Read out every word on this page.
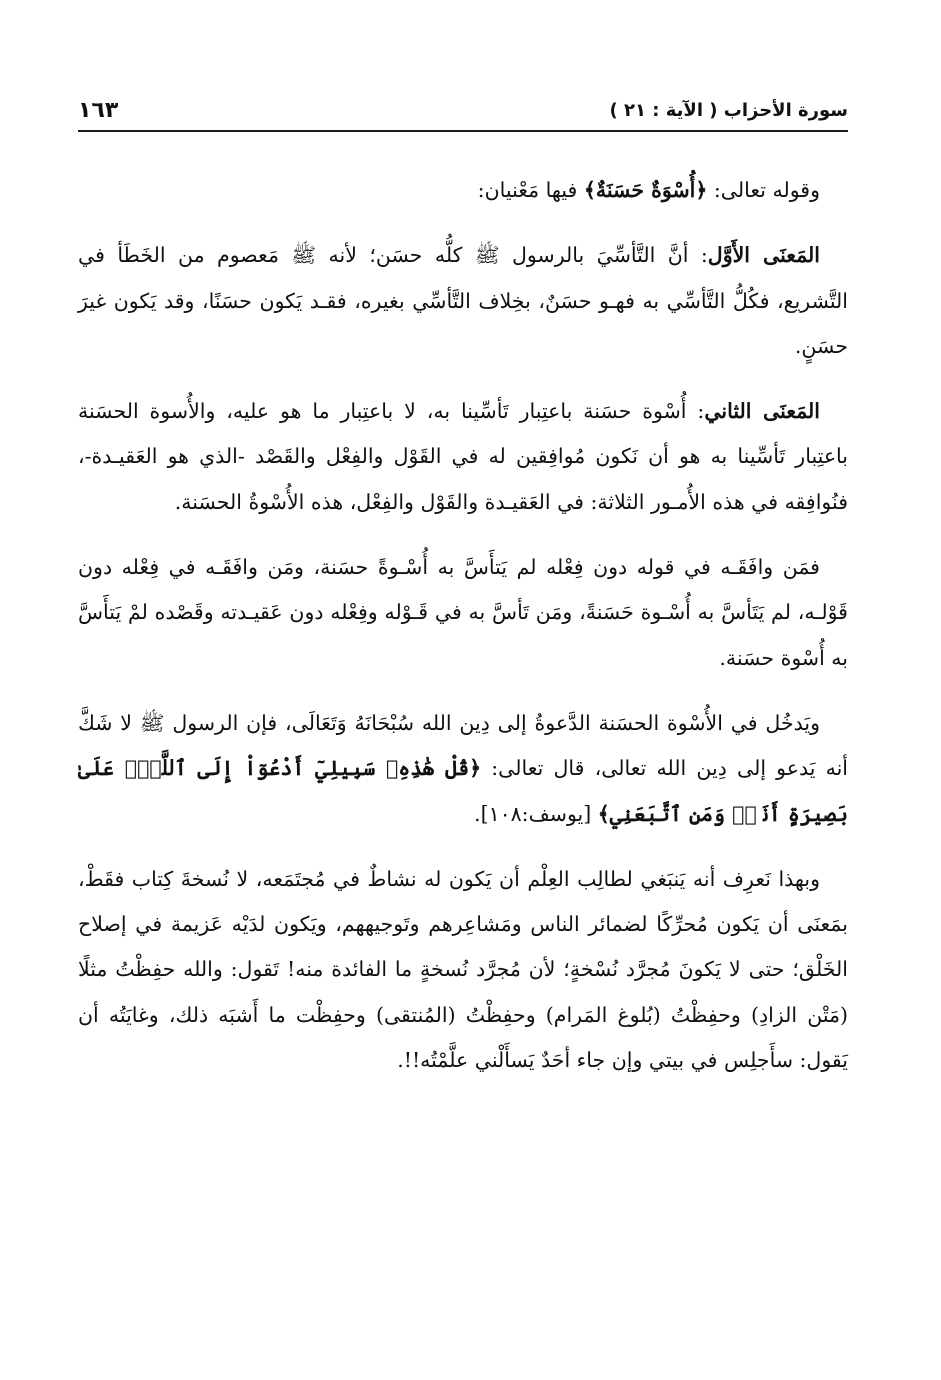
١٦٣	سورة الأحزاب ( الآية : ٢١ )

وقوله تعالى: ﴿أُسْوَةٌ حَسَنَةٌ﴾ فيها مَعْنيان:

المَعنَى الأَوَّل: أنَّ التَّأسِّيَ بالرسول ﷺ كلُّه حسَن؛ لأنه ﷺ مَعصوم من الخَطَأ في التَّشريع، فكُلُّ التَّأسِّي به فهـو حسَنٌ، بخِلاف التَّأسِّي بغيره، فقـد يَكون حسَنًا، وقد يَكون غيرَ حسَنٍ.

المَعنَى الثاني: أُسْوة حسَنة باعتِبار تَأسِّينا به، لا باعتِبار ما هو عليه، والأُسوة الحسَنة باعتِبار تَأسِّينا به هو أن نَكون مُوافِقين له في القَوْل والفِعْل والقَصْد -الذي هو العَقيـدة-، فنُوافِقه في هذه الأُمـور الثلاثة: في العَقيـدة والقَوْل والفِعْل، هذه الأُسْوةُ الحسَنة.

فمَن وافَقَـه في قوله دون فِعْله لم يَتأَسَّ به أُسْـوةً حسَنة، ومَن وافَقَـه في فِعْله دون قَوْلـه، لم يَتَأسَّ به أُسْـوة حَسَنةً، ومَن تَأسَّ به في قَـوْله وفِعْله دون عَقيـدته وقَصْده لمْ يَتأَسَّ به أُسْوة حسَنة.

ويَدخُل في الأُسْوة الحسَنة الدَّعوةُ إلى دِين الله سُبْحَانَهُ وَتَعَالَى، فإن الرسول ﷺ لا شَكَّ أنه يَدعو إلى دِين الله تعالى، قال تعالى: ﴿قُلْ هَٰذِهِۦ سَبِيلِيٓ أَدْعُوٓاْ إِلَى ٱللَّهِۚ عَلَىٰ بَصِيرَةٍ أَنَا۠ وَمَنِ ٱتَّبَعَنِي﴾ [يوسف:١٠٨].

وبهذا نَعرِف أنه يَنبَغي لطالِب العِلْم أن يَكون له نشاطٌ في مُجتَمَعه، لا نُسخةَ كِتاب فقَطْ، بمَعنَى أن يَكون مُحرِّكًا لضمائر الناس ومَشاعِرهم وتَوجيههم، ويَكون لدَيْه عَزيمة في إصلاح الخَلْق؛ حتى لا يَكونَ مُجرَّد نُسْخةٍ؛ لأن مُجرَّد نُسخةٍ ما الفائدة منه! تَقول: والله حفِظْتُ مثلًا (مَتْن الزادِ) وحفِظْتُ (بُلوغ المَرام) وحفِظْتُ (المُنتقى) وحفِظْت ما أَشبَه ذلك، وغايَتُه أن يَقول: سأَجلِس في بيتي وإن جاء أحَدٌ يَسأَلْني علَّمْتُه!!.
